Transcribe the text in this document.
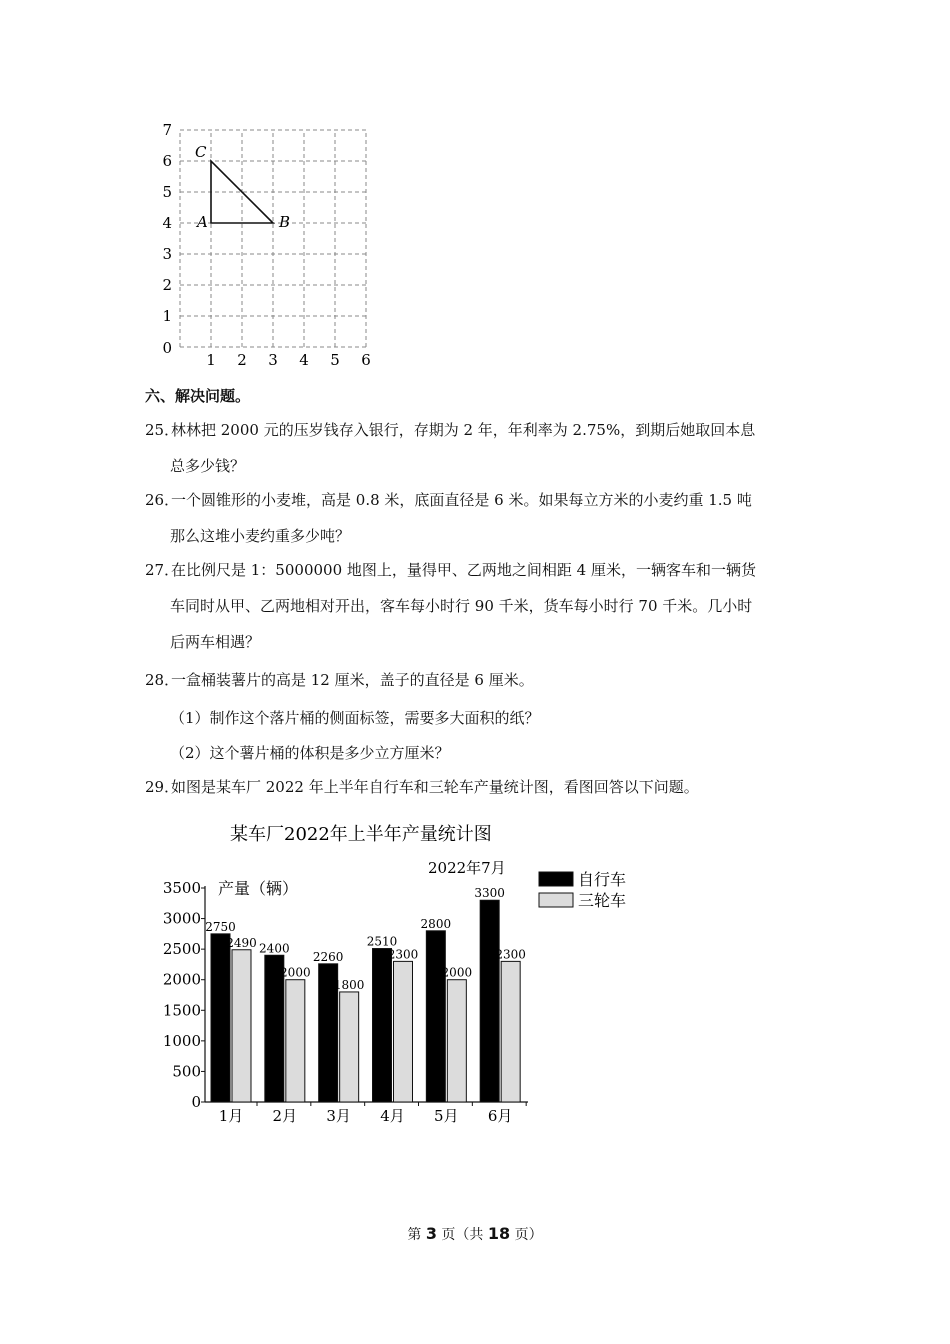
7
6
5
4
3
2
1
0
1 2 3 4 5 6
A	B
C
六、解决问题。
25．林林把 2000 元的压岁钱存入银行，存期为 2 年，年利率为 2.75%，到期后她取回本息
总多少钱？
26．一个圆锥形的小麦堆，高是 0.8 米，底面直径是 6 米。如果每立方米的小麦约重 1.5 吨
那么这堆小麦约重多少吨？
27．在比例尺是 1：5000000 地图上，量得甲、乙两地之间相距 4 厘米，一辆客车和一辆货
车同时从甲、乙两地相对开出，客车每小时行 90 千米，货车每小时行 70 千米。几小时
后两车相遇？
28．一盒桶装薯片的高是 12 厘米，盖子的直径是 6 厘米。
（1）制作这个落片桶的侧面标签，需要多大面积的纸？
（2）这个薯片桶的体积是多少立方厘米？
29．如图是某车厂 2022 年上半年自行车和三轮车产量统计图，看图回答以下问题。
某车厂2022年上半年产量统计图
2022年7月
产量（辆）
0
500
1000
1500
2000
2500
3000
3500
2750
2490
1月
2400
2000
2月
2260
1800
3月
2510
2300
4月
2800
2000
5月
3300
2300
6月
自行车
三轮车
第 3 页（共 18 页）
